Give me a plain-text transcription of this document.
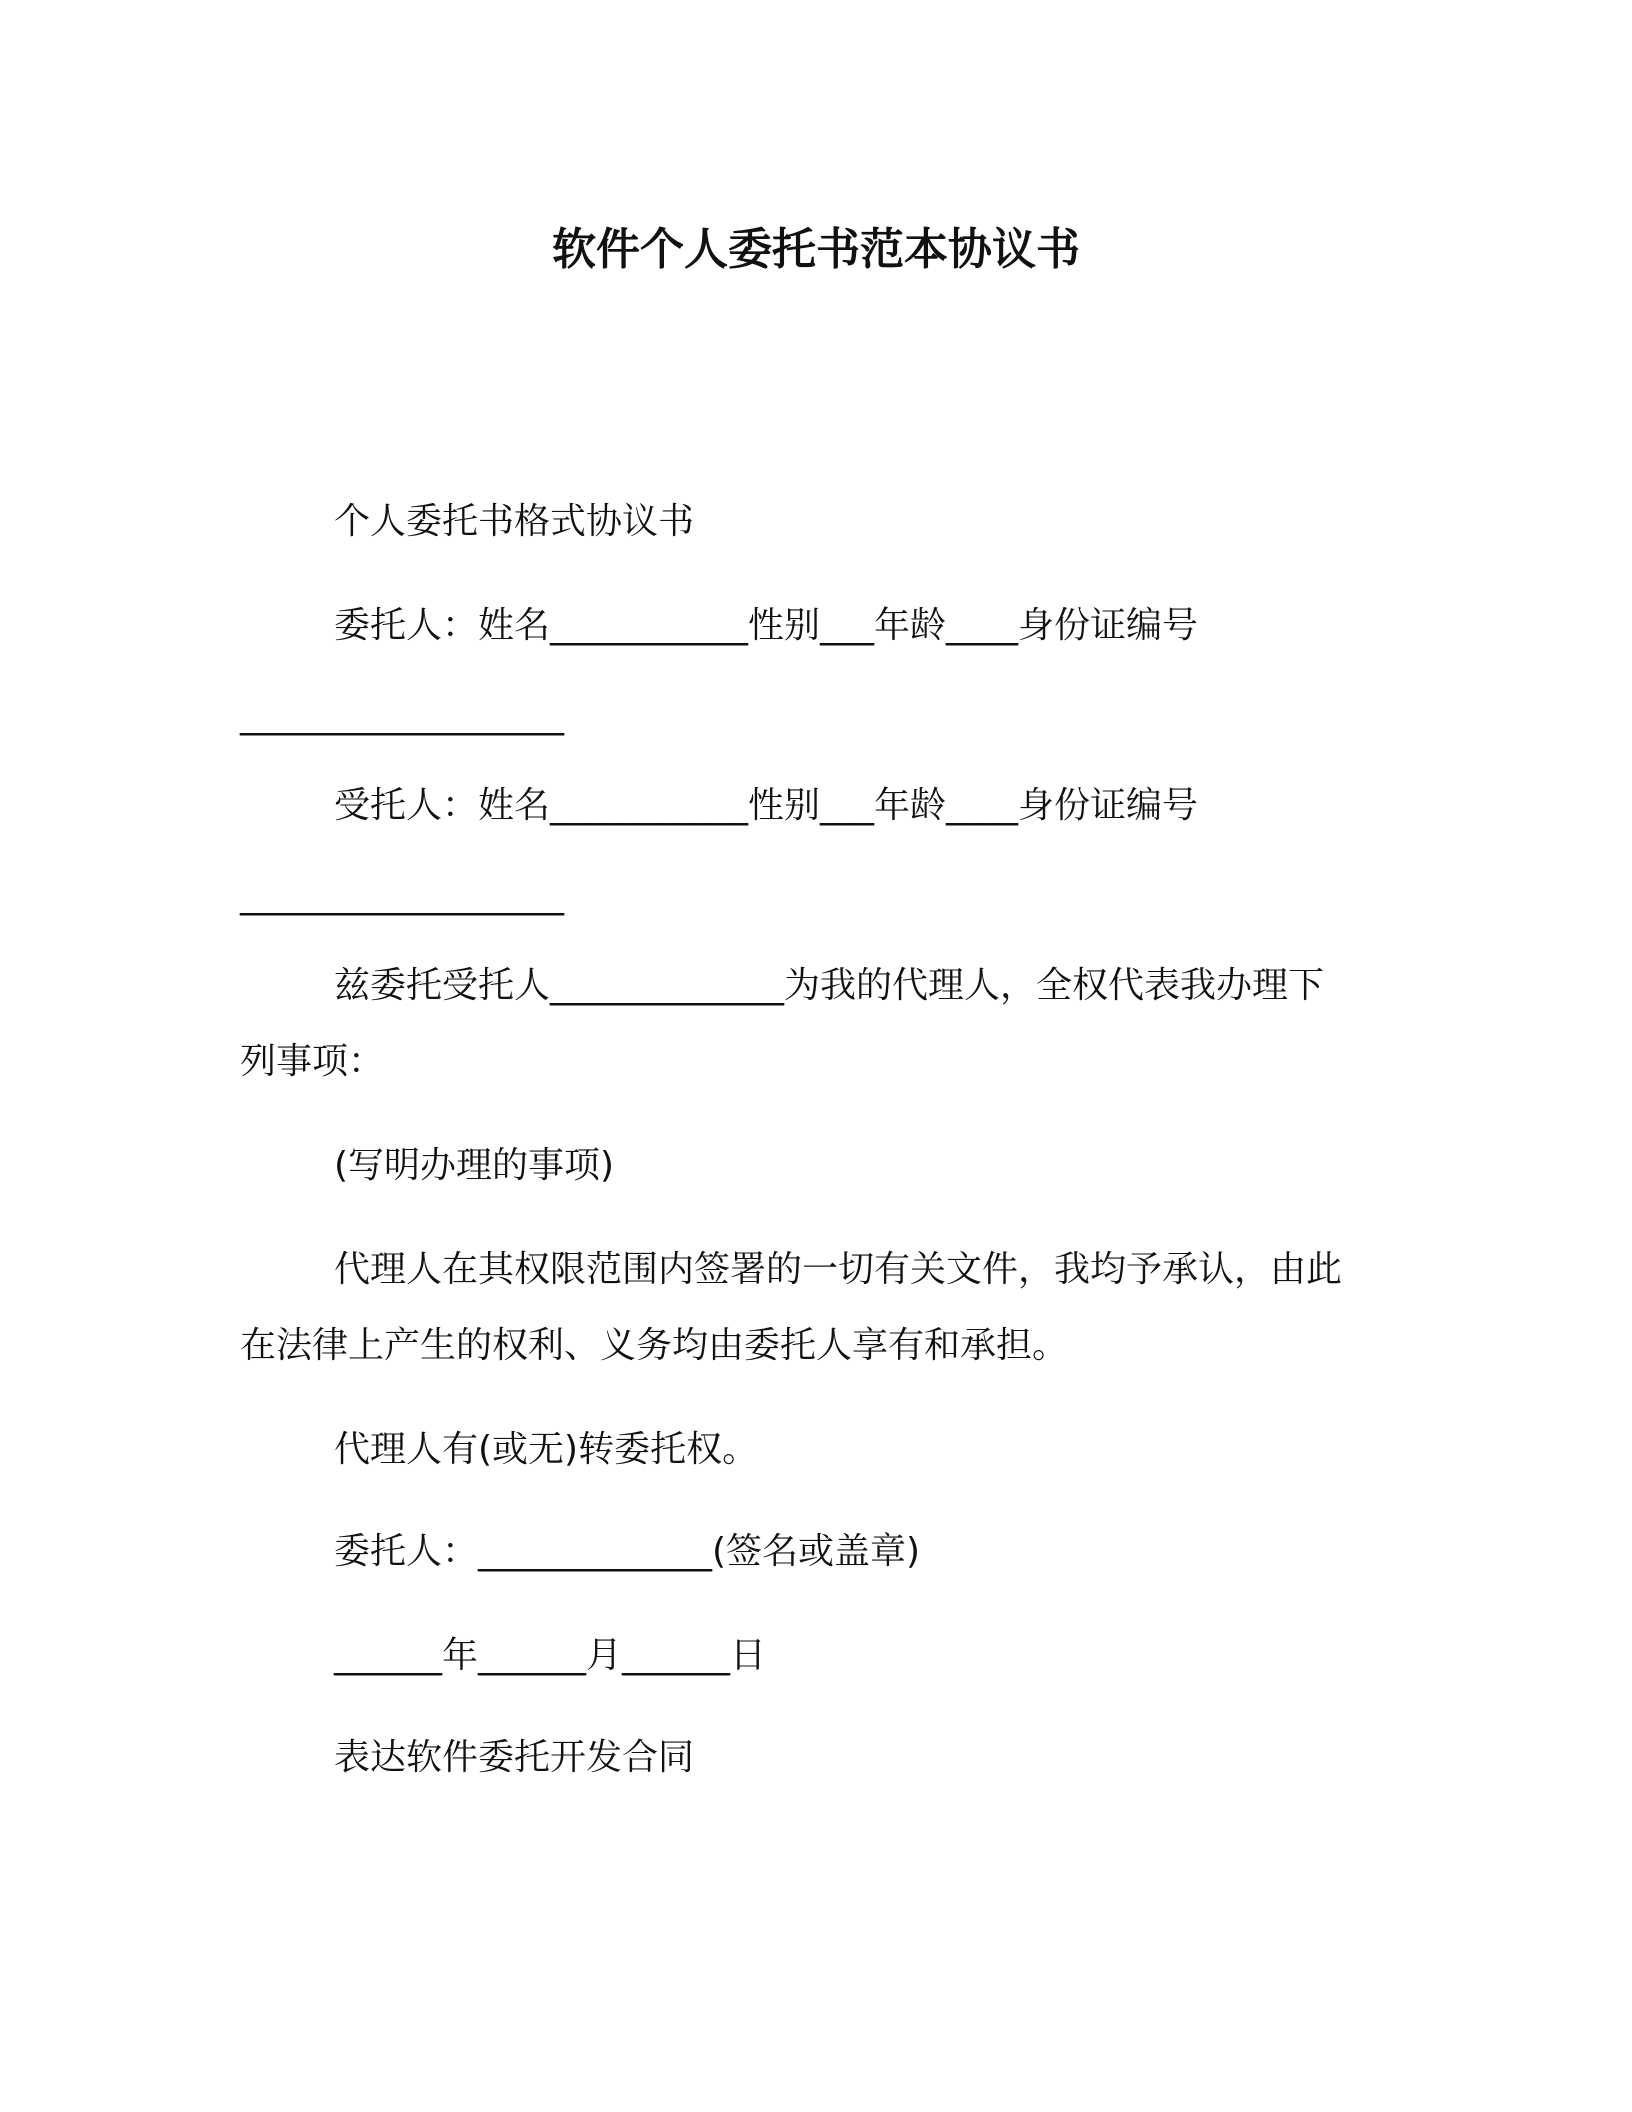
软件个人委托书范本协议书
个人委托书格式协议书
委托人：姓名___________性别___年龄____身份证编号
__________________
受托人：姓名___________性别___年龄____身份证编号
__________________
兹委托受托人_____________为我的代理人，全权代表我办理下
列事项：
(写明办理的事项)
代理人在其权限范围内签署的一切有关文件，我均予承认，由此
在法律上产生的权利、义务均由委托人享有和承担。
代理人有(或无)转委托权。
委托人：_____________(签名或盖章)
______年______月______日
表达软件委托开发合同
